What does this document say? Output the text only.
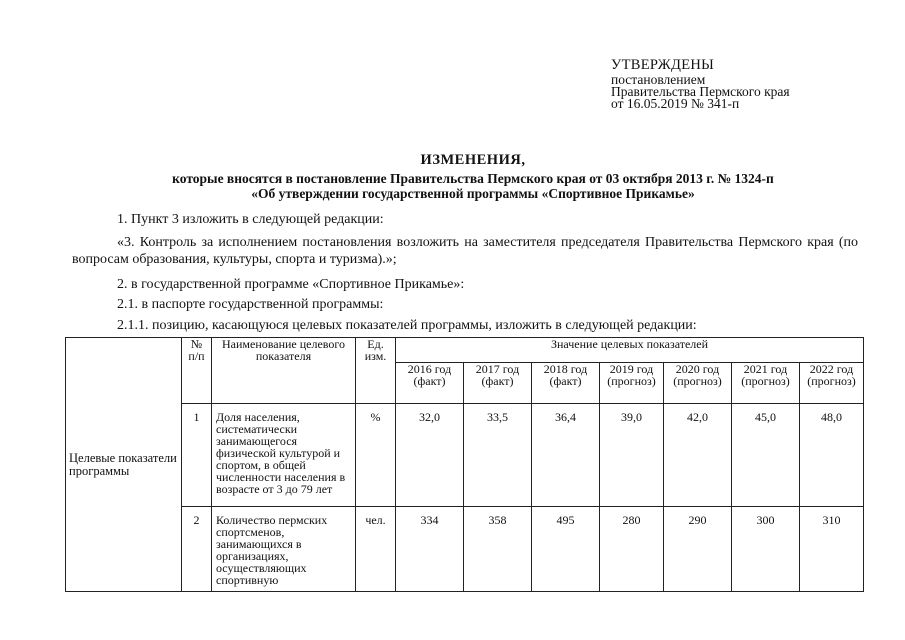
УТВЕРЖДЕНЫ
постановлением
Правительства Пермского края
от 16.05.2019 № 341-п
ИЗМЕНЕНИЯ,
которые вносятся в постановление Правительства Пермского края от 03 октября 2013 г. № 1324-п
«Об утверждении государственной программы «Спортивное Прикамье»

1. Пункт 3 изложить в следующей редакции:

«3. Контроль за исполнением постановления возложить на заместителя председателя Правительства Пермского края (по вопросам образования, культуры, спорта и туризма).»;

2. в государственной программе «Спортивное Прикамье»:

2.1. в паспорте государственной программы:

2.1.1. позицию, касающуюся целевых показателей программы, изложить в следующей редакции:

Целевые показатели программы	№ п/п	Наименование целевого показателя	Ед. изм.	Значение целевых показателей						
				2016 год (факт)	2017 год (факт)	2018 год (факт)	2019 год (прогноз)	2020 год (прогноз)	2021 год (прогноз)	2022 год (прогноз)
	1	Доля населения, систематически занимающегося физической культурой и спортом, в общей численности населения в возрасте от 3 до 79 лет	%	32,0	33,5	36,4	39,0	42,0	45,0	48,0
	2	Количество пермских спортсменов, занимающихся в организациях, осуществляющих спортивную	чел.	334	358	495	280	290	300	310
